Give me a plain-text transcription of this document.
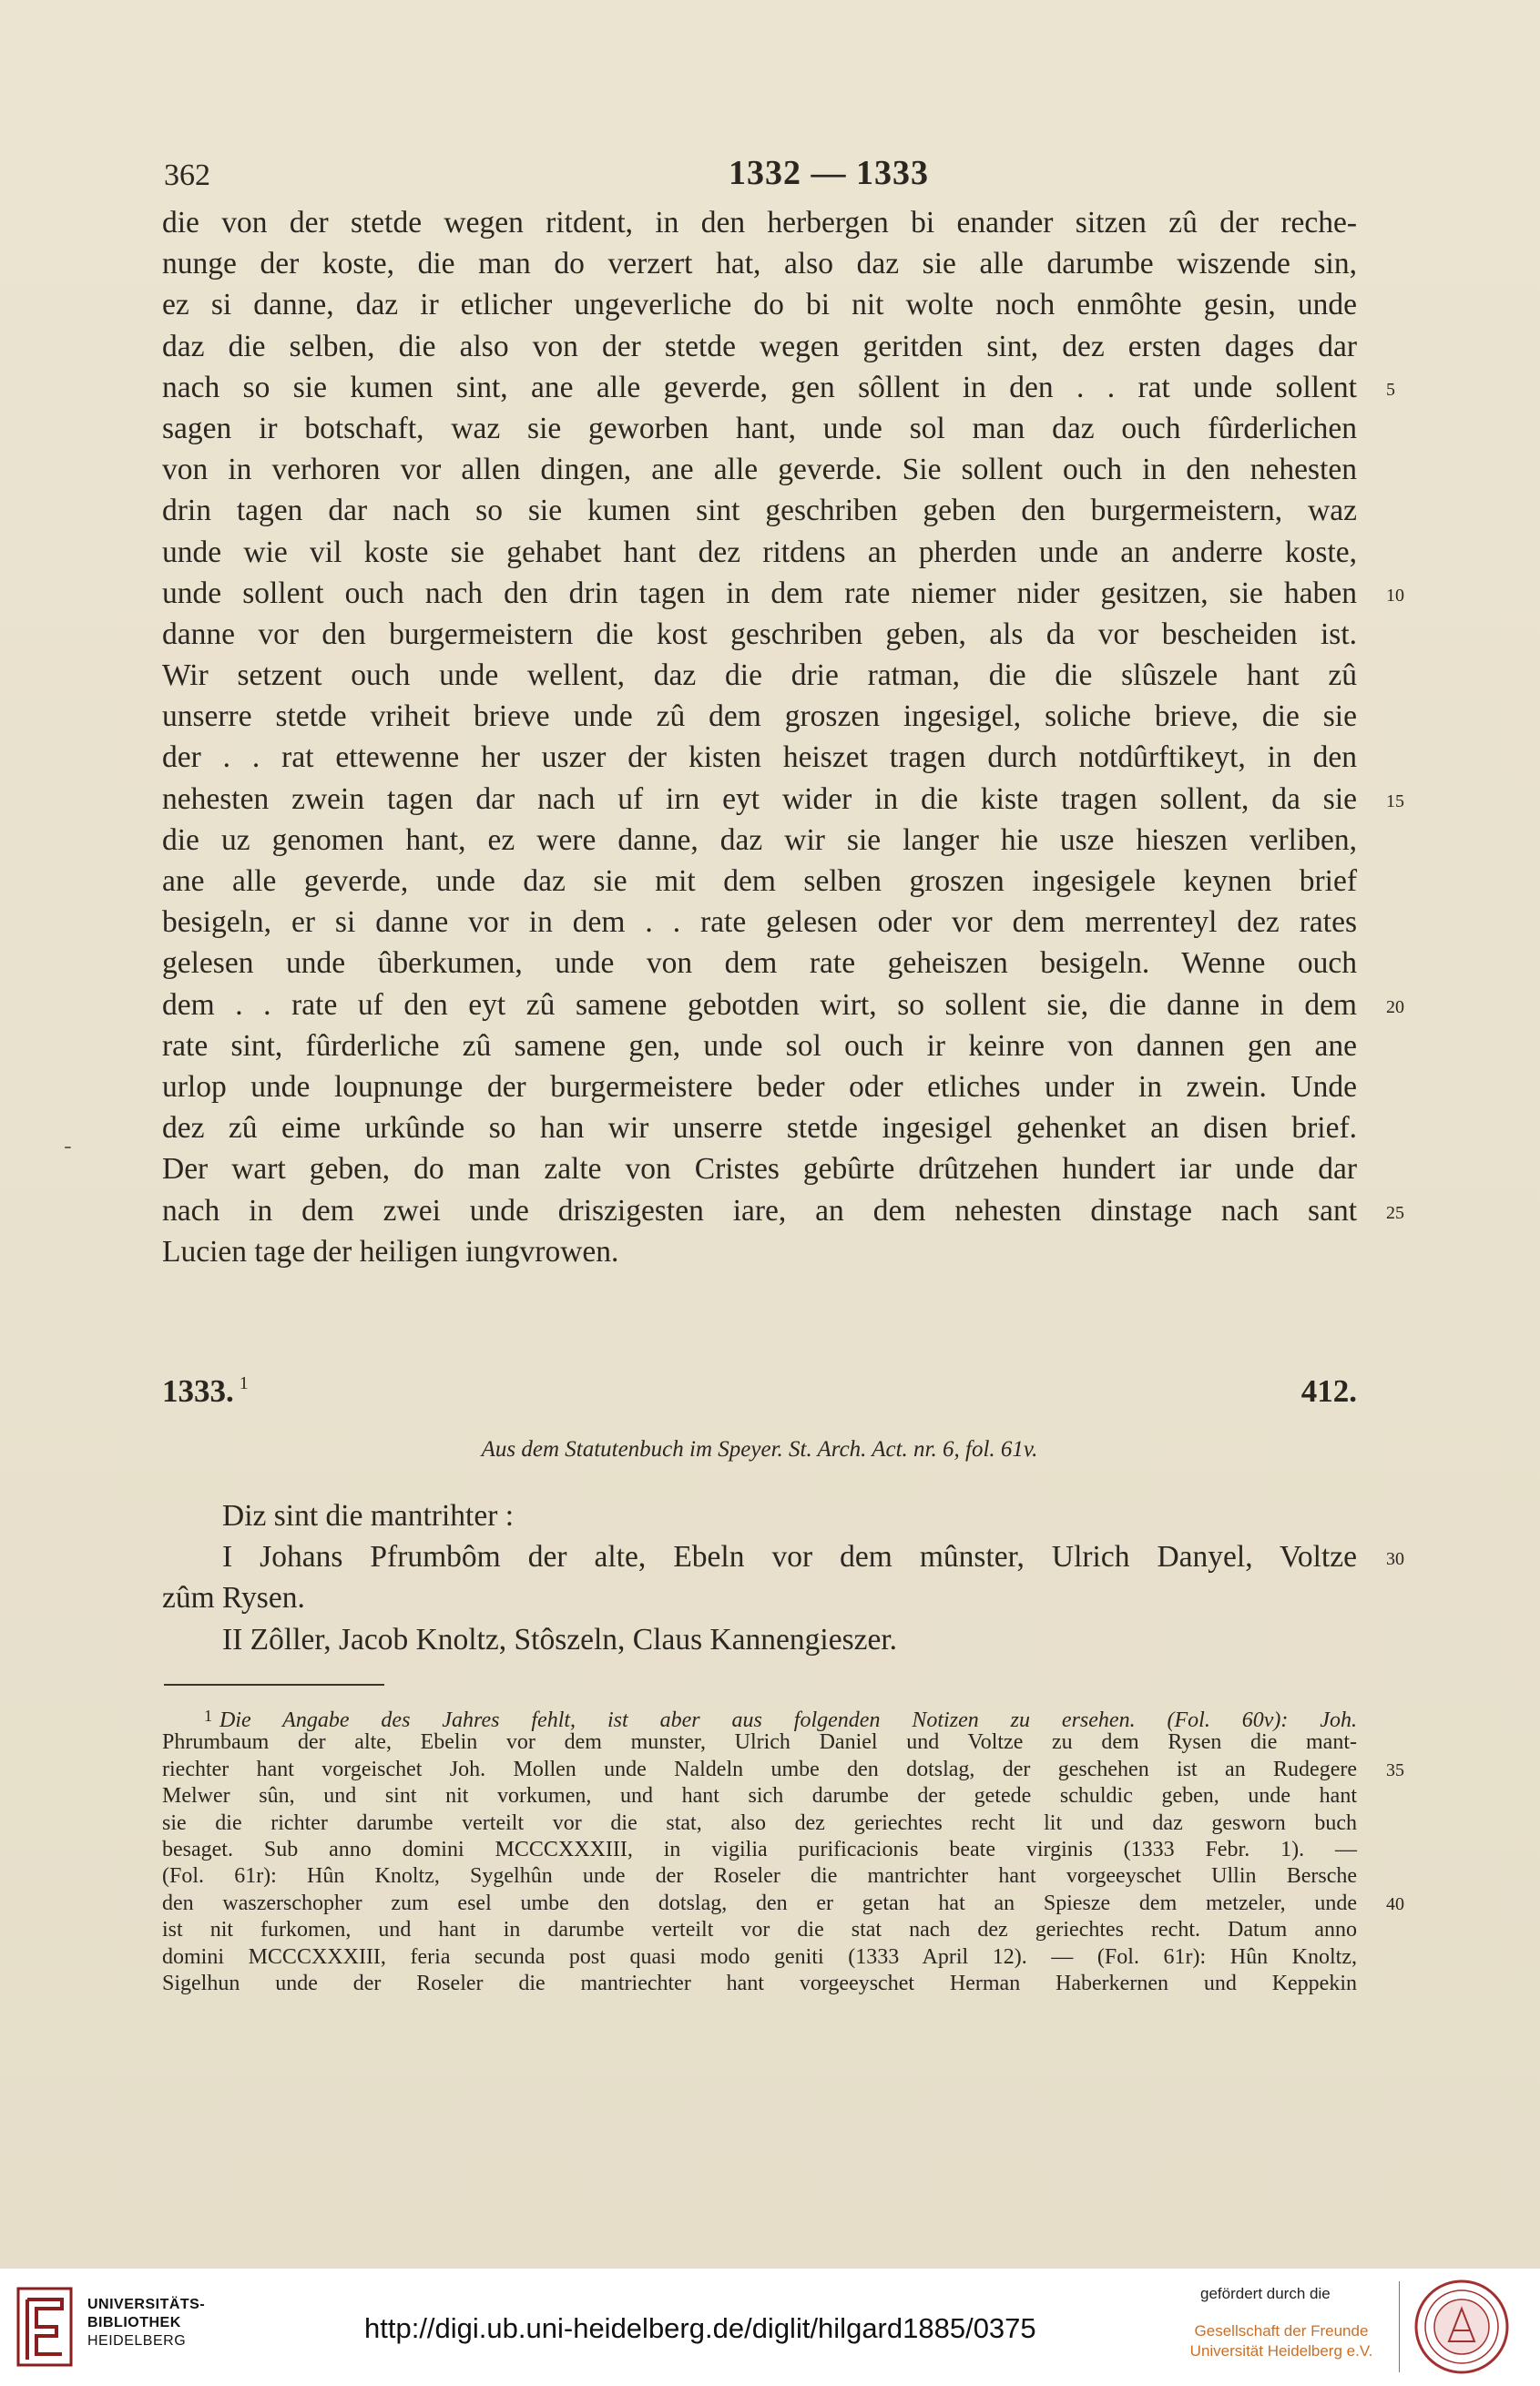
362	1332 — 1333
die von der stetde wegen ritdent, in den herbergen bi enander sitzen zû der reche-
nunge der koste, die man do verzert hat, also daz sie alle darumbe wiszende sin,
ez si danne, daz ir etlicher ungeverliche do bi nit wolte noch enmôhte gesin, unde
daz die selben, die also von der stetde wegen geritden sint, dez ersten dages dar
nach so sie kumen sint, ane alle geverde, gen sôllent in den . . rat unde sollent
sagen ir botschaft, waz sie geworben hant, unde sol man daz ouch fûrderlichen
von in verhoren vor allen dingen, ane alle geverde. Sie sollent ouch in den nehesten
drin tagen dar nach so sie kumen sint geschriben geben den burgermeistern, waz
unde wie vil koste sie gehabet hant dez ritdens an pherden unde an anderre koste,
unde sollent ouch nach den drin tagen in dem rate niemer nider gesitzen, sie haben
danne vor den burgermeistern die kost geschriben geben, als da vor bescheiden ist.
Wir setzent ouch unde wellent, daz die drie ratman, die die slûszele hant zû
unserre stetde vriheit brieve unde zû dem groszen ingesigel, soliche brieve, die sie
der . . rat ettewenne her uszer der kisten heiszet tragen durch notdûrftikeyt, in den
nehesten zwein tagen dar nach uf irn eyt wider in die kiste tragen sollent, da sie
die uz genomen hant, ez were danne, daz wir sie langer hie usze hieszen verliben,
ane alle geverde, unde daz sie mit dem selben groszen ingesigele keynen brief
besigeln, er si danne vor in dem . . rate gelesen oder vor dem merrenteyl dez rates
gelesen unde ûberkumen, unde von dem rate geheiszen besigeln. Wenne ouch
dem . . rate uf den eyt zû samene gebotden wirt, so sollent sie, die danne in dem
rate sint, fûrderliche zû samene gen, unde sol ouch ir keinre von dannen gen ane
urlop unde loupnunge der burgermeistere beder oder etliches under in zwein. Unde
dez zû eime urkûnde so han wir unserre stetde ingesigel gehenket an disen brief.
Der wart geben, do man zalte von Cristes gebûrte drûtzehen hundert iar unde dar
nach in dem zwei unde driszigesten iare, an dem nehesten dinstage nach sant
Lucien tage der heiligen iungvrowen.
5
10
15
20
25
‐
1333. $^1$	412.
Aus dem Statutenbuch im Speyer. St. Arch. Act. nr. 6, fol. 61v.
Diz sint die mantrihter :
I Johans Pfrumbôm der alte, Ebeln vor dem mûnster, Ulrich Danyel, Voltze
zûm Rysen.
II Zôller, Jacob Knoltz, Stôszeln, Claus Kannengieszer.
30
$^1$ Die Angabe des Jahres fehlt, ist aber aus folgenden Notizen zu ersehen. (Fol. 60v): Joh.
Phrumbaum der alte, Ebelin vor dem munster, Ulrich Daniel und Voltze zu dem Rysen die mant-
riechter hant vorgeischet Joh. Mollen unde Naldeln umbe den dotslag, der geschehen ist an Rudegere
Melwer sûn, und sint nit vorkumen, und hant sich darumbe der getede schuldic geben, unde hant
sie die richter darumbe verteilt vor die stat, also dez geriechtes recht lit und daz gesworn buch
besaget. Sub anno domini MCCCXXXIII, in vigilia purificacionis beate virginis (1333 Febr. 1). —
(Fol. 61r): Hûn Knoltz, Sygelhûn unde der Roseler die mantrichter hant vorgeeyschet Ullin Bersche
den waszerschopher zum esel umbe den dotslag, den er getan hat an Spiesze dem metzeler, unde
ist nit furkomen, und hant in darumbe verteilt vor die stat nach dez geriechtes recht. Datum anno
domini MCCCXXXIII, feria secunda post quasi modo geniti (1333 April 12). — (Fol. 61r): Hûn Knoltz,
Sigelhun unde der Roseler die mantriechter hant vorgeeyschet Herman Haberkernen und Keppekin
35
40
UNIVERSITÄTS-
BIBLIOTHEK
HEIDELBERG	http://digi.ub.uni-heidelberg.de/diglit/hilgard1885/0375
gefördert durch die
Gesellschaft der Freunde
Universität Heidelberg e.V.
